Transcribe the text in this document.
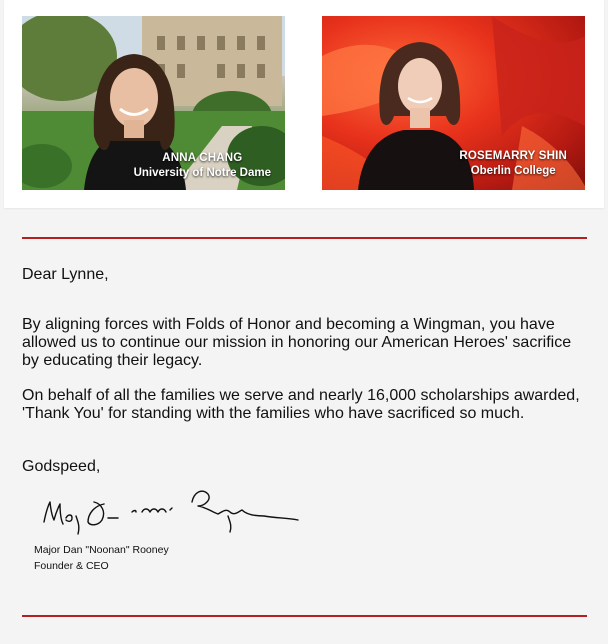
ANNA CHANG
University of Notre Dame
ROSEMARRY SHIN
Oberlin College
Dear Lynne,
By aligning forces with Folds of Honor and becoming a Wingman, you have allowed us to continue our mission in honoring our American Heroes' sacrifice by educating their legacy.
On behalf of all the families we serve and nearly 16,000 scholarships awarded, 'Thank You' for standing with the families who have sacrificed so much.
Godspeed,
Major Dan "Noonan" Rooney
Founder & CEO
